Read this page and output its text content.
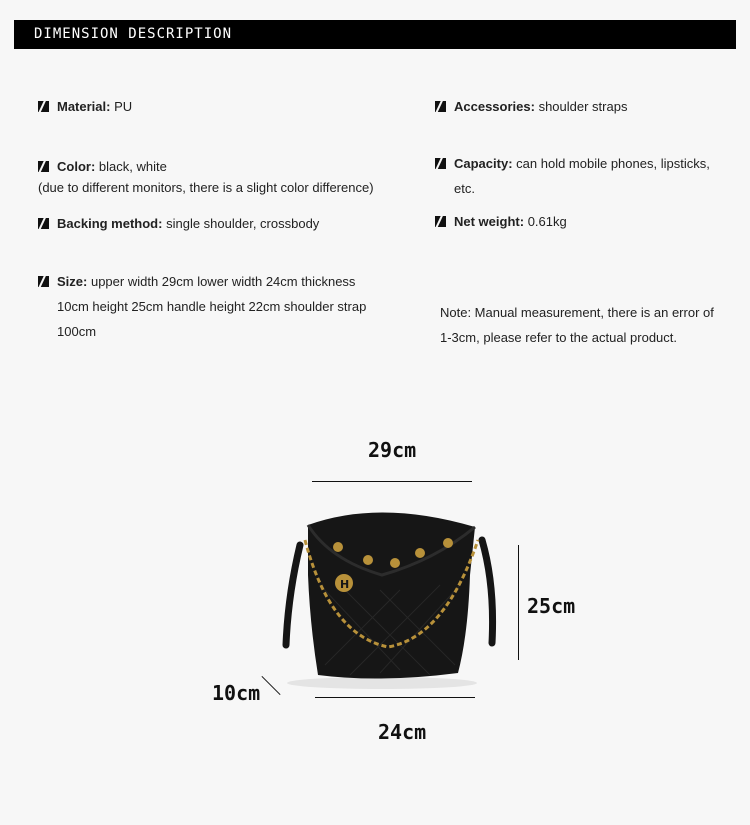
DIMENSION DESCRIPTION
Material: PU
Color: black, white
(due to different monitors, there is a slight color difference)
Backing method: single shoulder, crossbody
Size: upper width 29cm lower width 24cm thickness
10cm height 25cm handle height 22cm shoulder strap
100cm
Accessories: shoulder straps
Capacity: can hold mobile phones, lipsticks,
etc.
Net weight: 0.61kg
Note: Manual measurement, there is an error of
1-3cm, please refer to the actual product.
29cm
25cm
10cm
24cm
H
